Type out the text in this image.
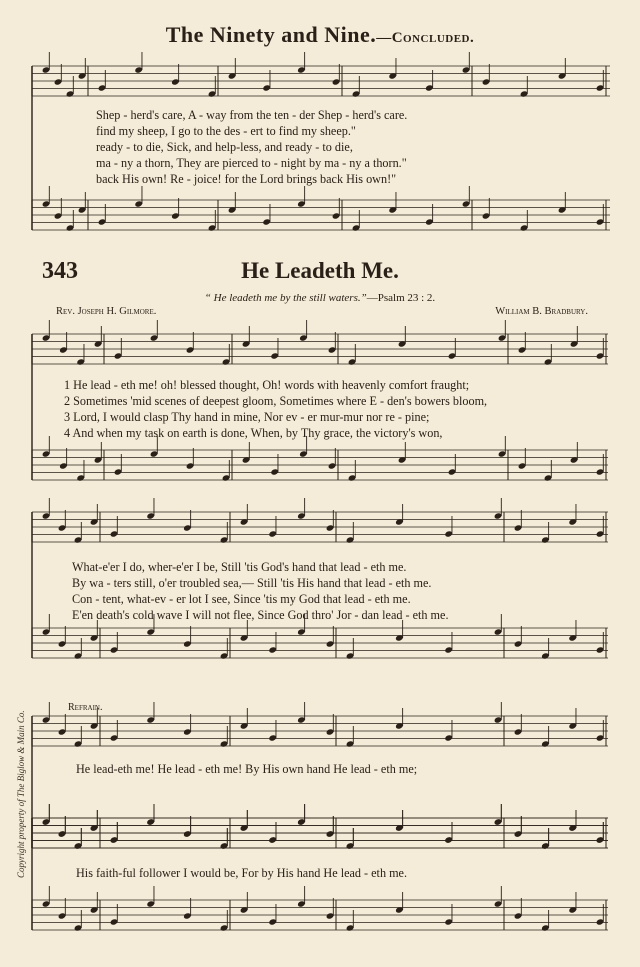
The Ninety and Nine.—Concluded.
Shep - herd's care, A - way from the ten - der Shep - herd's care.
find my sheep, I go to the des - ert to find my sheep."
ready - to die, Sick, and help-less, and ready - to die,
ma - ny a thorn, They are pierced to - night by ma - ny a thorn."
back His own! Re - joice! for the Lord brings back His own!"
343	He Leadeth Me.
“ He leadeth me by the still waters.”—Psalm 23 : 2.
Rev. Joseph H. Gilmore.	William B. Bradbury.
1 He lead - eth me! oh! blessed thought, Oh! words with heavenly comfort fraught;
2 Sometimes 'mid scenes of deepest gloom, Sometimes where E - den's bowers bloom,
3 Lord, I would clasp Thy hand in mine, Nor ev - er mur-mur nor re - pine;
4 And when my task on earth is done, When, by Thy grace, the victory's won,
What-e'er I do, wher-e'er I be, Still 'tis God's hand that lead - eth me.
By wa - ters still, o'er troubled sea,— Still 'tis His hand that lead - eth me.
Con - tent, what-ev - er lot I see, Since 'tis my God that lead - eth me.
E'en death's cold wave I will not flee, Since God thro' Jor - dan lead - eth me.
Refrain.
He lead-eth me! He lead - eth me! By His own hand He lead - eth me;
His faith-ful follower I would be, For by His hand He lead - eth me.
Copyright property of The Biglow & Main Co.
